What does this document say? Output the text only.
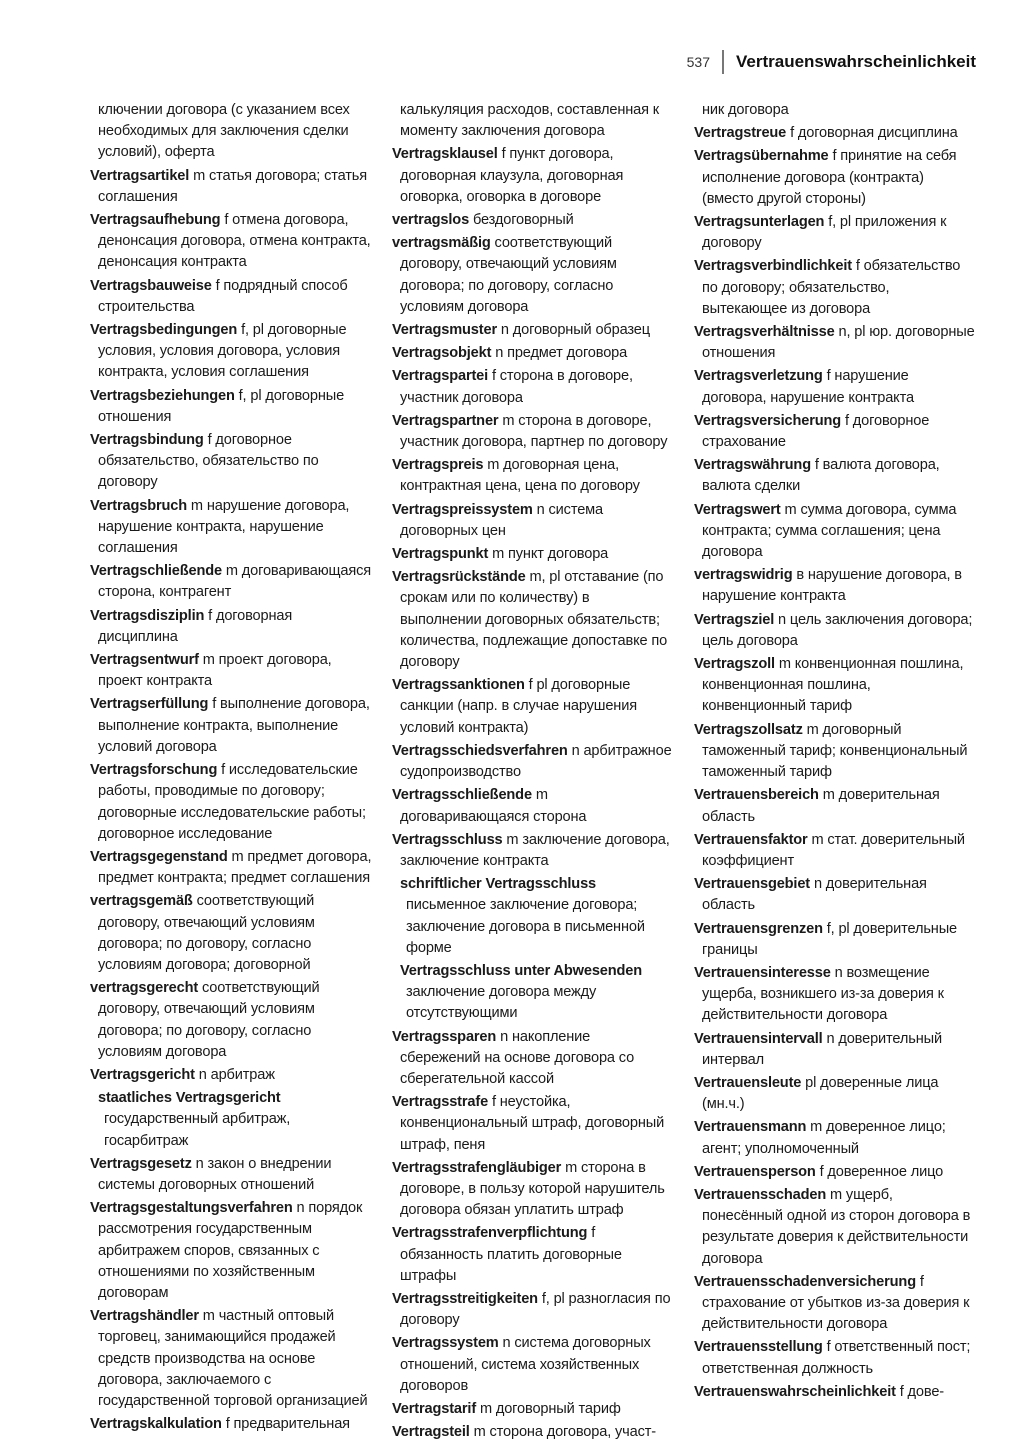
537 Vertrauenswahrscheinlichkeit

ключении договора (с указанием всех необходимых для заключения сделки условий), оферта

Vertragsartikel m статья договора; статья соглашения

Vertragsaufhebung f отмена договора, денонсация договора, отмена контракта, денонсация контракта

Vertragsbauweise f подрядный способ строительства

Vertragsbedingungen f, pl договорные условия, условия договора, условия контракта, условия соглашения

Vertragsbeziehungen f, pl договорные отношения

Vertragsbindung f договорное обязательство, обязательство по договору

Vertragsbruch m нарушение договора, нарушение контракта, нарушение соглашения

Vertragschließende m договаривающаяся сторона, контрагент

Vertragsdisziplin f договорная дисциплина

Vertragsentwurf m проект договора, проект контракта

Vertragserfüllung f выполнение договора, выполнение контракта, выполнение условий договора

Vertragsforschung f исследовательские работы, проводимые по договору; договорные исследовательские работы; договорное исследование

Vertragsgegenstand m предмет договора, предмет контракта; предмет соглашения

vertragsgemäß соответствующий договору, отвечающий условиям договора; по договору, согласно условиям договора; договорной

vertragsgerecht соответствующий договору, отвечающий условиям договора; по договору, согласно условиям договора

Vertragsgericht n арбитраж

staatliches Vertragsgericht государственный арбитраж, госарбитраж

Vertragsgesetz n закон о внедрении системы договорных отношений

Vertragsgestaltungsverfahren n порядок рассмотрения государственным арбитражем споров, связанных с отношениями по хозяйственным договорам

Vertragshändler m частный оптовый торговец, занимающийся продажей средств производства на основе договора, заключаемого с государственной торговой организацией

Vertragskalkulation f предварительная

калькуляция расходов, составленная к моменту заключения договора

Vertragsklausel f пункт договора, договорная клаузула, договорная оговорка, оговорка в договоре

vertragslos бездоговорный

vertragsmäßig соответствующий договору, отвечающий условиям договора; по договору, согласно условиям договора

Vertragsmuster n договорный образец

Vertragsobjekt n предмет договора

Vertragspartei f сторона в договоре, участник договора

Vertragspartner m сторона в договоре, участник договора, партнер по договору

Vertragspreis m договорная цена, контрактная цена, цена по договору

Vertragspreissystem n система договорных цен

Vertragspunkt m пункт договора

Vertragsrückstände m, pl отставание (по срокам или по количеству) в выполнении договорных обязательств; количества, подлежащие допоставке по договору

Vertragssanktionen f pl договорные санкции (напр. в случае нарушения условий контракта)

Vertragsschiedsverfahren n арбитражное судопроизводство

Vertragsschließende m договаривающаяся сторона

Vertragsschluss m заключение договора, заключение контракта

schriftlicher Vertragsschluss письменное заключение договора; заключение договора в письменной форме

Vertragsschluss unter Abwesenden заключение договора между отсутствующими

Vertragssparen n накопление сбережений на основе договора со сберегательной кассой

Vertragsstrafe f неустойка, конвенциональный штраф, договорный штраф, пеня

Vertragsstrafengläubiger m сторона в договоре, в пользу которой нарушитель договора обязан уплатить штраф

Vertragsstrafenverpflichtung f обязанность платить договорные штрафы

Vertragsstreitigkeiten f, pl разногласия по договору

Vertragssystem n система договорных отношений, система хозяйственных договоров

Vertragstarif m договорный тариф

Vertragsteil m сторона договора, участ-

ник договора

Vertragstreue f договорная дисциплина

Vertragsübernahme f принятие на себя исполнение договора (контракта) (вместо другой стороны)

Vertragsunterlagen f, pl приложения к договору

Vertragsverbindlichkeit f обязательство по договору; обязательство, вытекающее из договора

Vertragsverhältnisse n, pl юр. договорные отношения

Vertragsverletzung f нарушение договора, нарушение контракта

Vertragsversicherung f договорное страхование

Vertragswährung f валюта договора, валюта сделки

Vertragswert m сумма договора, сумма контракта; сумма соглашения; цена договора

vertragswidrig в нарушение договора, в нарушение контракта

Vertragsziel n цель заключения договора; цель договора

Vertragszoll m конвенционная пошлина, конвенционная пошлина, конвенционный тариф

Vertragszollsatz m договорный таможенный тариф; конвенциональный таможенный тариф

Vertrauensbereich m доверительная область

Vertrauensfaktor m стат. доверительный коэффициент

Vertrauensgebiet n доверительная область

Vertrauensgrenzen f, pl доверительные границы

Vertrauensinteresse n возмещение ущерба, возникшего из-за доверия к действительности договора

Vertrauensintervall n доверительный интервал

Vertrauensleute pl доверенные лица (мн.ч.)

Vertrauensmann m доверенное лицо; агент; уполномоченный

Vertrauensperson f доверенное лицо

Vertrauensschaden m ущерб, понесённый одной из сторон договора в результате доверия к действительности договора

Vertrauensschadenversicherung f страхование от убытков из-за доверия к действительности договора

Vertrauensstellung f ответственный пост; ответственная должность

Vertrauenswahrscheinlichkeit f дове-
